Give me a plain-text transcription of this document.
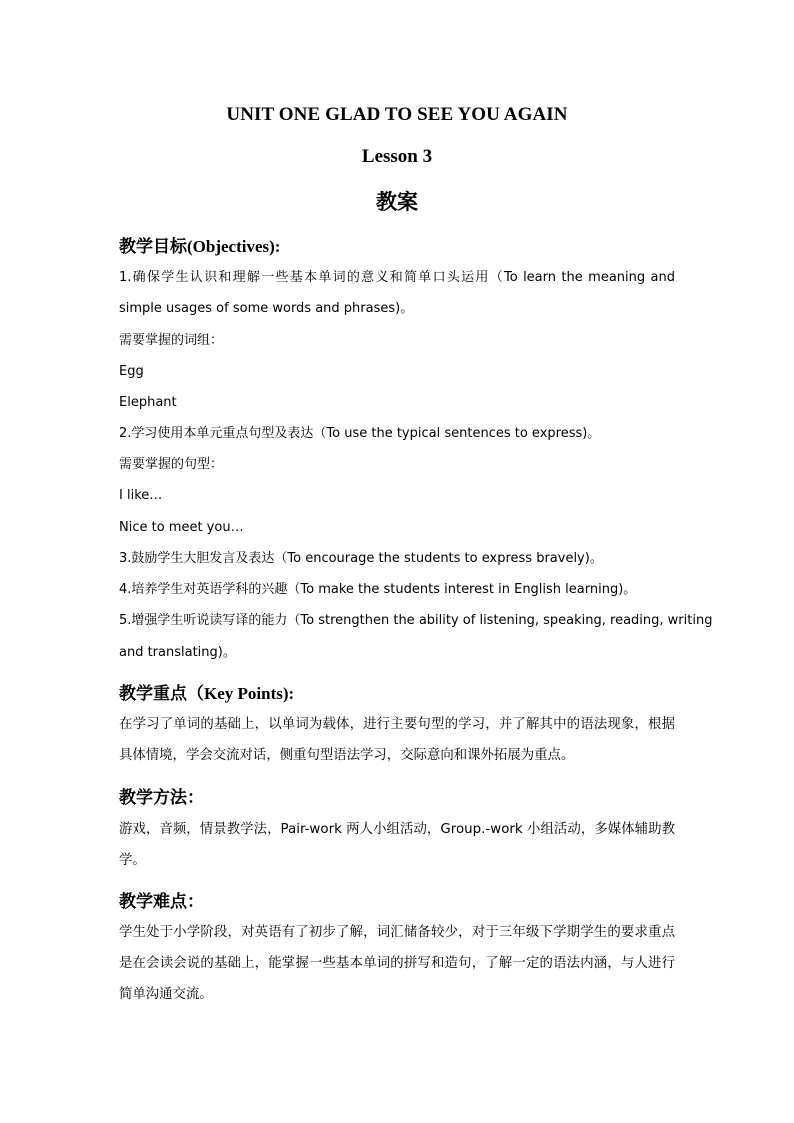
UNIT ONE GLAD TO SEE YOU AGAIN
Lesson 3
教案
教学目标(Objectives):

1.确保学生认识和理解一些基本单词的意义和简单口头运用（To learn the meaning and

simple usages of some words and phrases)。

需要掌握的词组：

Egg

Elephant

2.学习使用本单元重点句型及表达（To use the typical sentences to express)。

需要掌握的句型：

I like…

Nice to meet you…

3.鼓励学生大胆发言及表达（To encourage the students to express bravely)。

4.培养学生对英语学科的兴趣（To make the students interest in English learning)。

5.增强学生听说读写译的能力（To strengthen the ability of listening, speaking, reading, writing

and translating)。

教学重点（Key Points):

在学习了单词的基础上，以单词为载体，进行主要句型的学习，并了解其中的语法现象，根据具体情境，学会交流对话，侧重句型语法学习，交际意向和课外拓展为重点。

教学方法：

游戏，音频，情景教学法，Pair-work 两人小组活动，Group.-work 小组活动，多媒体辅助教学。

教学难点：

学生处于小学阶段，对英语有了初步了解，词汇储备较少，对于三年级下学期学生的要求重点是在会读会说的基础上，能掌握一些基本单词的拼写和造句，了解一定的语法内涵，与人进行简单沟通交流。
